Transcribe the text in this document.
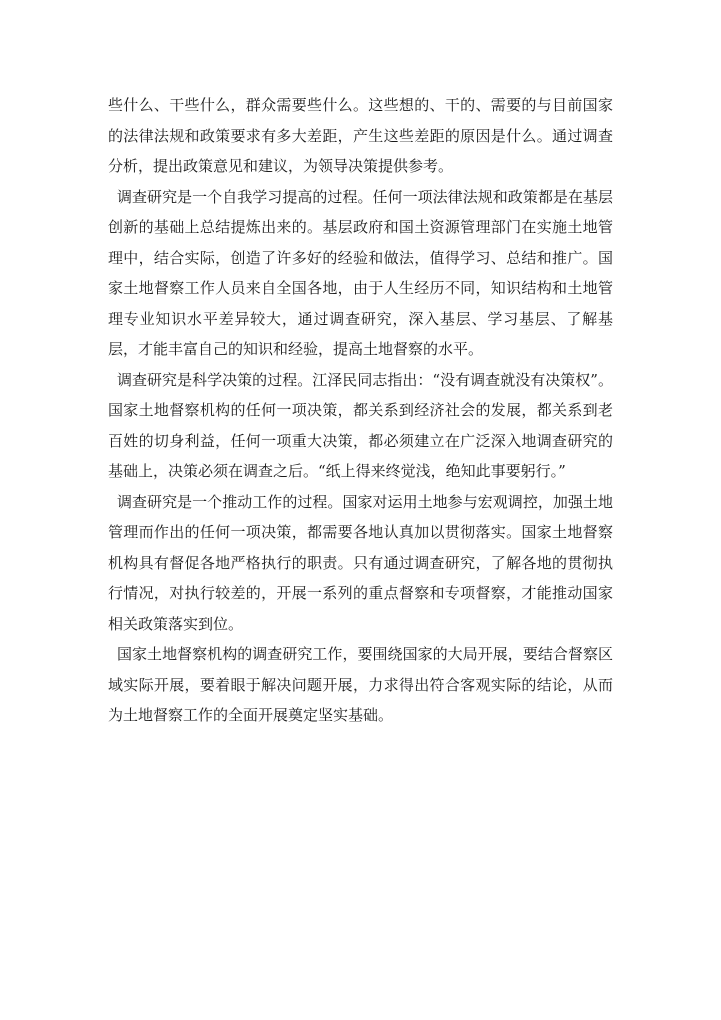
些什么、干些什么，群众需要些什么。这些想的、干的、需要的与目前国家的法律法规和政策要求有多大差距，产生这些差距的原因是什么。通过调查分析，提出政策意见和建议，为领导决策提供参考。

调查研究是一个自我学习提高的过程。任何一项法律法规和政策都是在基层创新的基础上总结提炼出来的。基层政府和国土资源管理部门在实施土地管理中，结合实际，创造了许多好的经验和做法，值得学习、总结和推广。国家土地督察工作人员来自全国各地，由于人生经历不同，知识结构和土地管理专业知识水平差异较大，通过调查研究，深入基层、学习基层、了解基层，才能丰富自己的知识和经验，提高土地督察的水平。

调查研究是科学决策的过程。江泽民同志指出：“没有调查就没有决策权”。国家土地督察机构的任何一项决策，都关系到经济社会的发展，都关系到老百姓的切身利益，任何一项重大决策，都必须建立在广泛深入地调查研究的基础上，决策必须在调查之后。“纸上得来终觉浅，绝知此事要躬行。”

调查研究是一个推动工作的过程。国家对运用土地参与宏观调控，加强土地管理而作出的任何一项决策，都需要各地认真加以贯彻落实。国家土地督察机构具有督促各地严格执行的职责。只有通过调查研究，了解各地的贯彻执行情况，对执行较差的，开展一系列的重点督察和专项督察，才能推动国家相关政策落实到位。

国家土地督察机构的调查研究工作，要围绕国家的大局开展，要结合督察区域实际开展，要着眼于解决问题开展，力求得出符合客观实际的结论，从而为土地督察工作的全面开展奠定坚实基础。
